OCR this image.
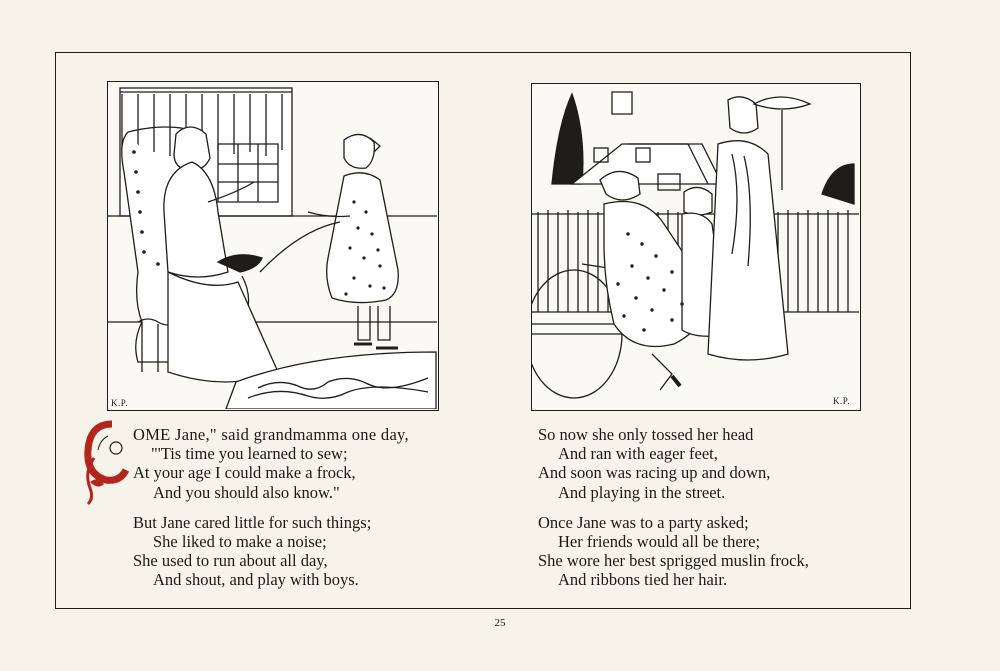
K.P.	K.P.
OME Jane," said grandmamma one day,
"'Tis time you learned to sew;
At your age I could make a frock,
And you should also know."
But Jane cared little for such things;
She liked to make a noise;
She used to run about all day,
And shout, and play with boys.
So now she only tossed her head
And ran with eager feet,
And soon was racing up and down,
And playing in the street.
Once Jane was to a party asked;
Her friends would all be there;
She wore her best sprigged muslin frock,
And ribbons tied her hair.
25
